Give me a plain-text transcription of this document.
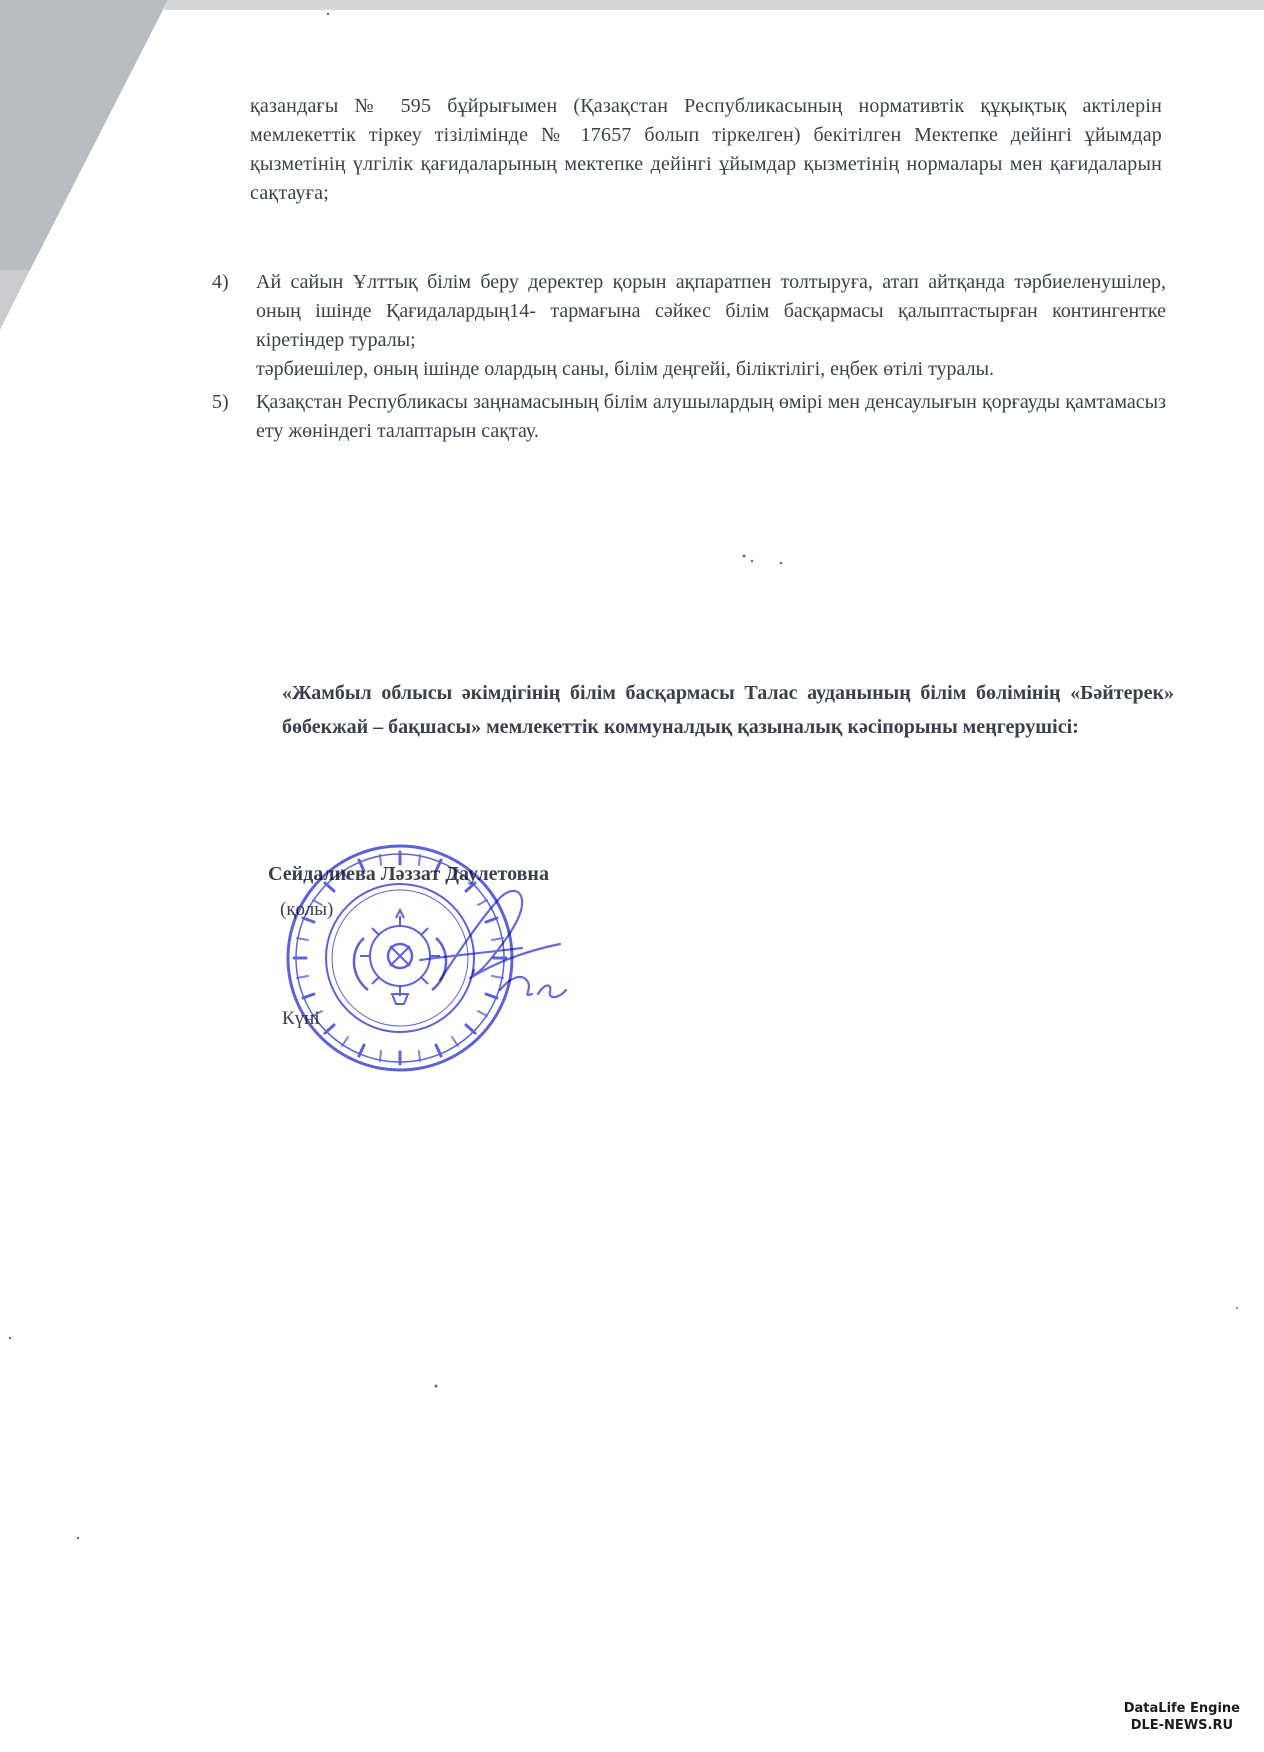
қазандағы № 595 бұйрығымен (Қазақстан Республикасының нормативтік құқықтық актілерін мемлекеттік тіркеу тізілімінде № 17657 болып тіркелген) бекітілген Мектепке дейінгі ұйымдар қызметінің үлгілік қағидаларының мектепке дейінгі ұйымдар қызметінің нормалары мен қағидаларын сақтауға;
4) Ай сайын Ұлттық білім беру деректер қорын ақпаратпен толтыруға, атап айтқанда тәрбиеленушілер, оның ішінде Қағидалардың14- тармағына сәйкес білім басқармасы қалыптастырған контингентке кіретіндер туралы;
тәрбиешілер, оның ішінде олардың саны, білім деңгейі, біліктілігі, еңбек өтілі туралы.
5) Қазақстан Республикасы заңнамасының білім алушылардың өмірі мен денсаулығын қорғауды қамтамасыз ету жөніндегі талаптарын сақтау.
«Жамбыл облысы әкімдігінің білім басқармасы Талас ауданының білім бөлімінің «Бәйтерек» бөбекжай – бақшасы» мемлекеттік коммуналдық қазыналық кәсіпорыны меңгерушісі:
Сейдалиева Ләззат Даулетовна
(қолы)
Күні
DataLife Engine
DLE-NEWS.RU
